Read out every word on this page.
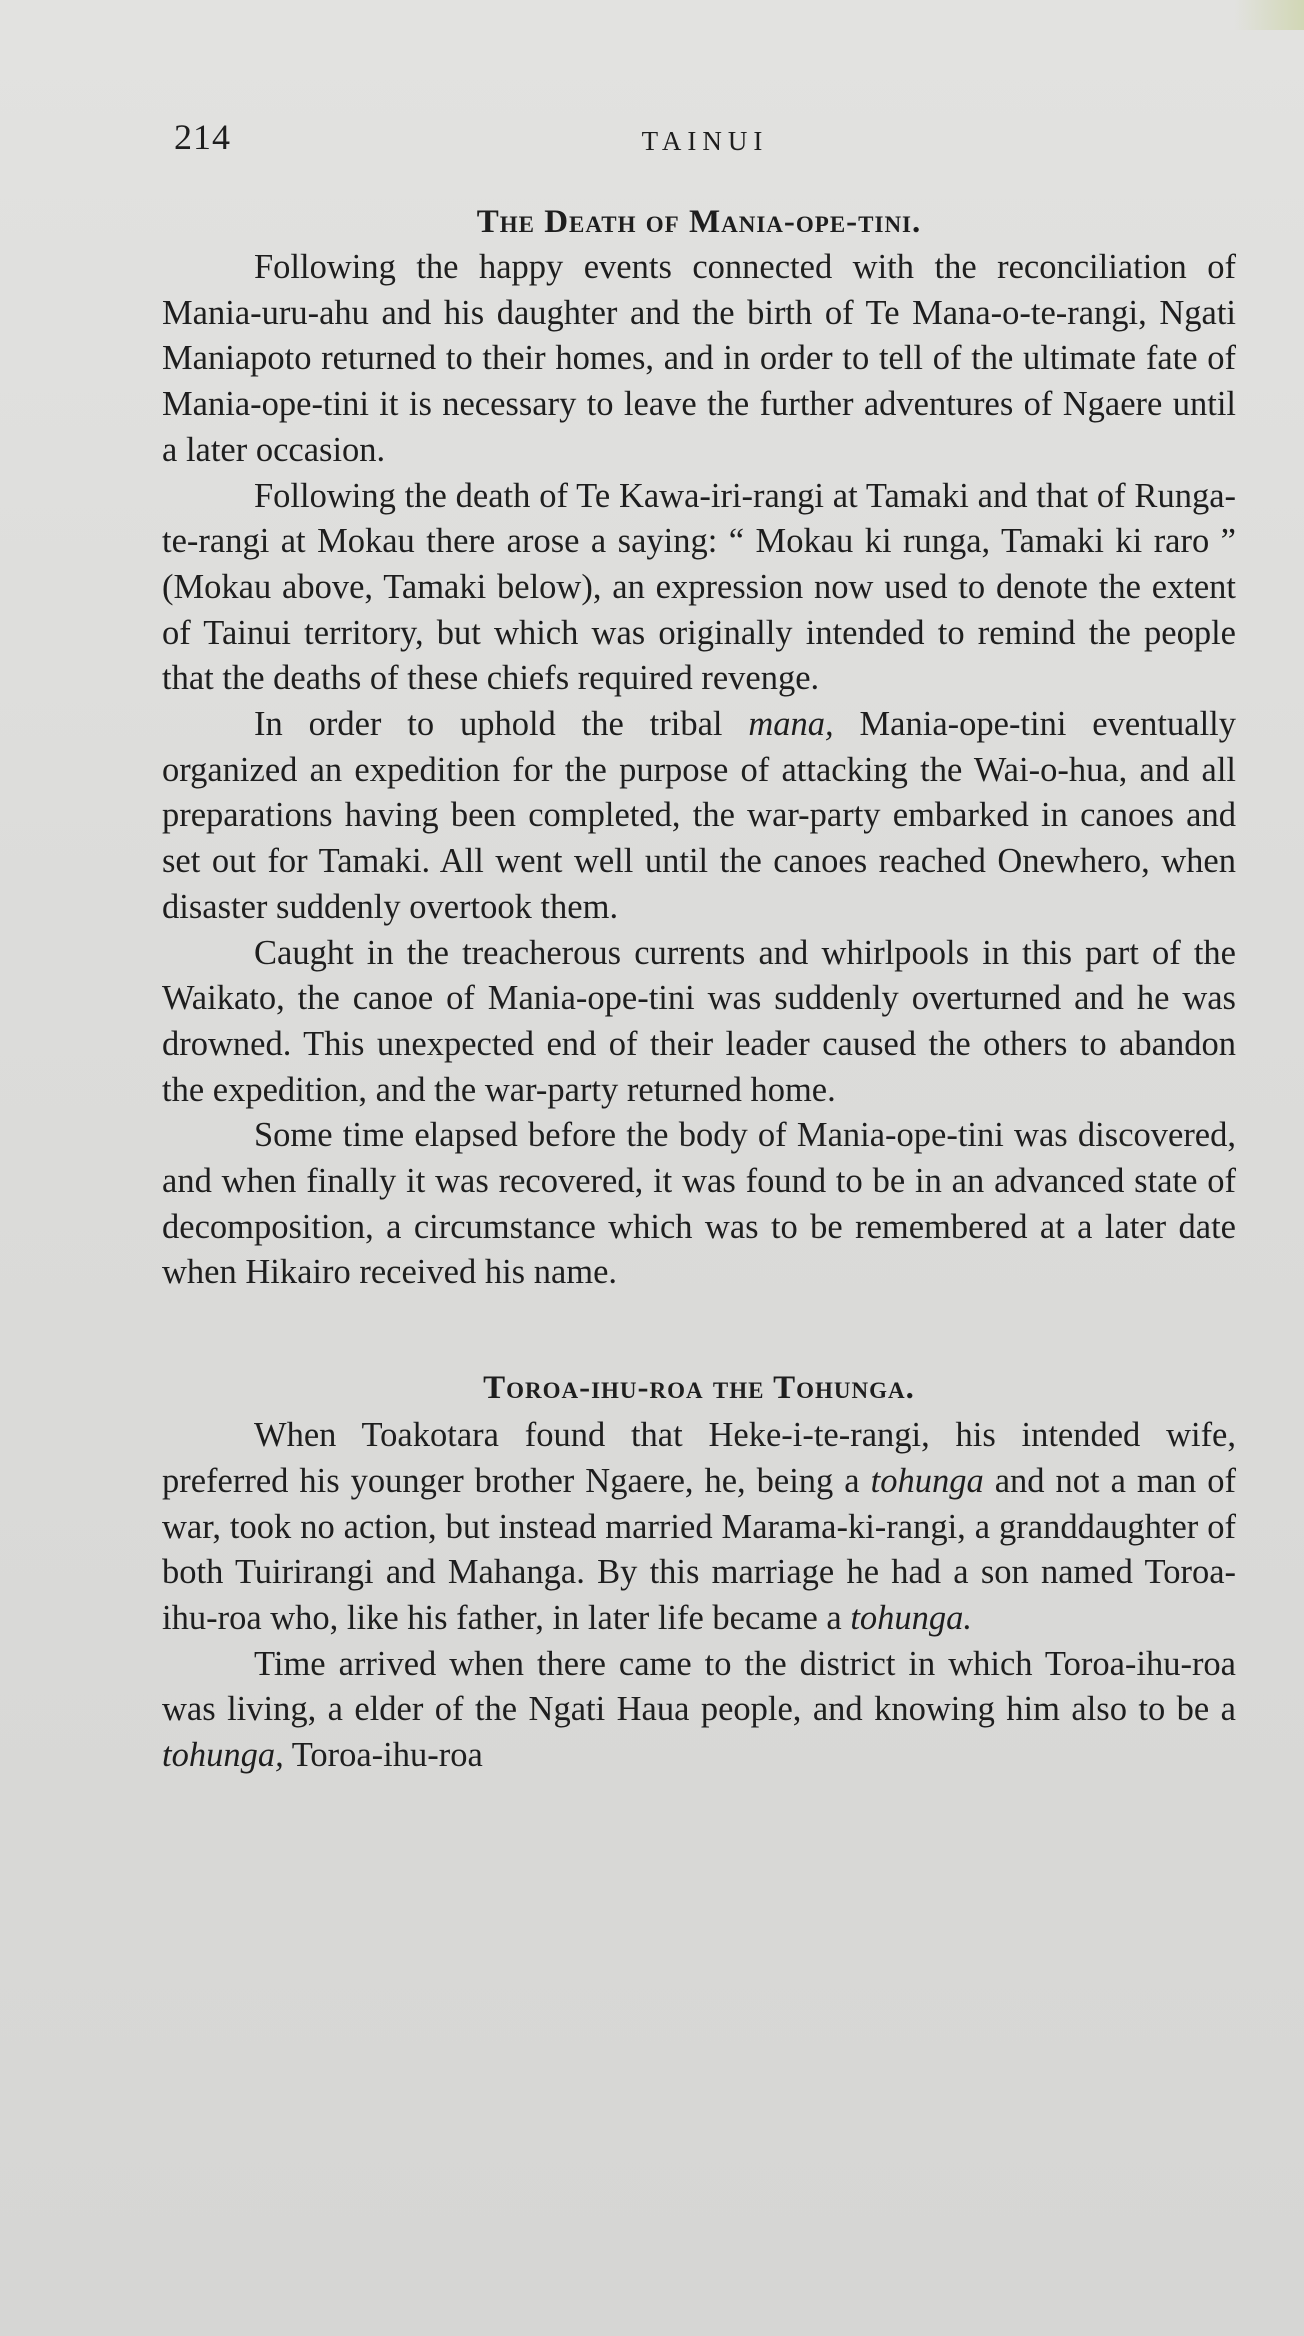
214	TAINUI
The Death of Mania-ope-tini.

Following the happy events connected with the reconciliation of Mania-uru-ahu and his daughter and the birth of Te Mana-o-te-rangi, Ngati Maniapoto returned to their homes, and in order to tell of the ultimate fate of Mania-ope-tini it is necessary to leave the further adventures of Ngaere until a later occasion.

Following the death of Te Kawa-iri-rangi at Tamaki and that of Runga-te-rangi at Mokau there arose a saying: “ Mokau ki runga, Tamaki ki raro ” (Mokau above, Tamaki below), an expression now used to denote the extent of Tainui territory, but which was originally intended to remind the people that the deaths of these chiefs required revenge.

In order to uphold the tribal mana, Mania-ope-tini eventually organized an expedition for the purpose of attacking the Wai-o-hua, and all preparations having been completed, the war-party embarked in canoes and set out for Tamaki. All went well until the canoes reached Onewhero, when disaster suddenly overtook them.

Caught in the treacherous currents and whirlpools in this part of the Waikato, the canoe of Mania-ope-tini was suddenly overturned and he was drowned. This unexpected end of their leader caused the others to abandon the expedition, and the war-party returned home.

Some time elapsed before the body of Mania-ope-tini was discovered, and when finally it was recovered, it was found to be in an advanced state of decomposition, a circumstance which was to be remembered at a later date when Hikairo received his name.

Toroa-ihu-roa the Tohunga.

When Toakotara found that Heke-i-te-rangi, his intended wife, preferred his younger brother Ngaere, he, being a tohunga and not a man of war, took no action, but instead married Marama-ki-rangi, a granddaughter of both Tuirirangi and Mahanga. By this marriage he had a son named Toroa-ihu-roa who, like his father, in later life became a tohunga.

Time arrived when there came to the district in which Toroa-ihu-roa was living, a elder of the Ngati Haua people, and knowing him also to be a tohunga, Toroa-ihu-roa
